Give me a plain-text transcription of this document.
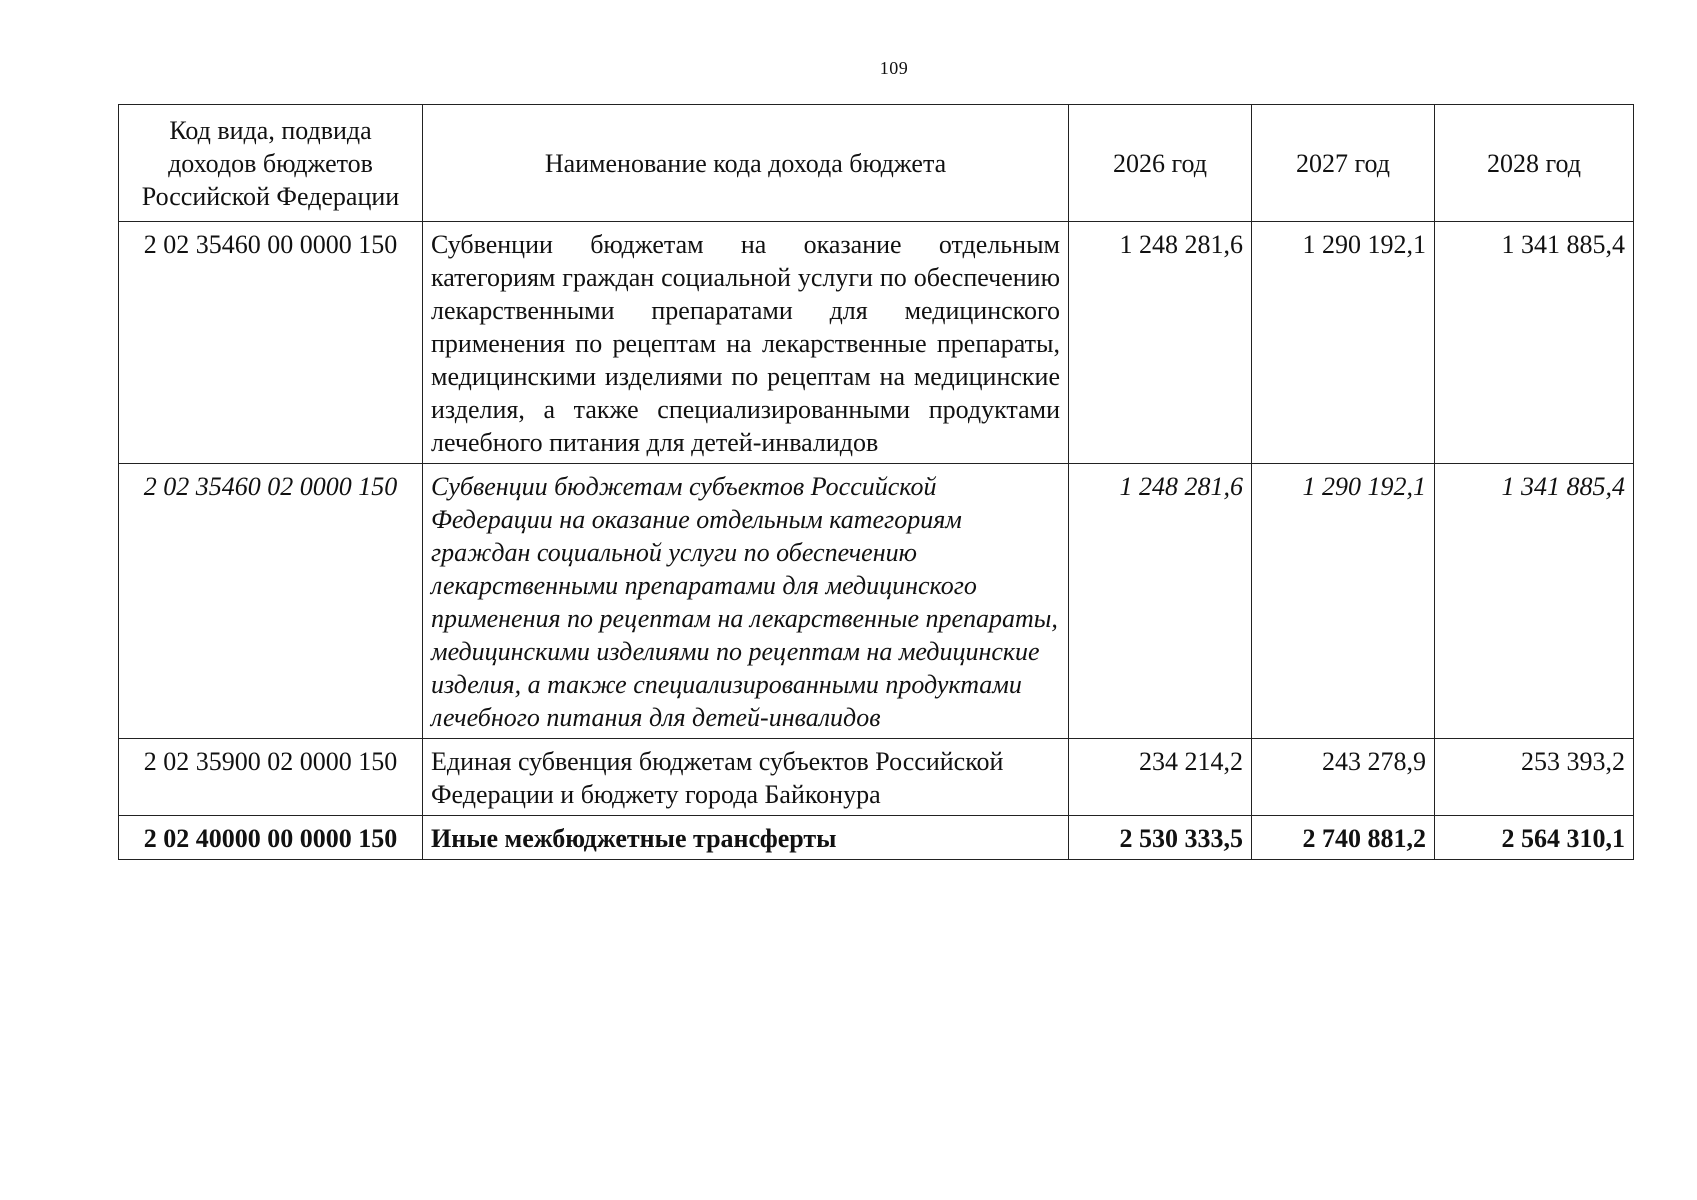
109
Код вида, подвида доходов бюджетов Российской Федерации	Наименование кода дохода бюджета	2026 год	2027 год	2028 год
2 02 35460 00 0000 150	Субвенции бюджетам на оказание отдельным категориям граждан социальной услуги по обеспечению лекарственными препаратами для медицинского применения по рецептам на лекарственные препараты, медицинскими изделиями по рецептам на медицинские изделия, а также специализированными продуктами лечебного питания для детей-инвалидов	1 248 281,6	1 290 192,1	1 341 885,4
2 02 35460 02 0000 150	Субвенции бюджетам субъектов Российской Федерации на оказание отдельным категориям граждан социальной услуги по обеспечению лекарственными препаратами для медицинского применения по рецептам на лекарственные препараты, медицинскими изделиями по рецептам на медицинские изделия, а также специализированными продуктами лечебного питания для детей-инвалидов	1 248 281,6	1 290 192,1	1 341 885,4
2 02 35900 02 0000 150	Единая субвенция бюджетам субъектов Российской Федерации и бюджету города Байконура	234 214,2	243 278,9	253 393,2
2 02 40000 00 0000 150	Иные межбюджетные трансферты	2 530 333,5	2 740 881,2	2 564 310,1
